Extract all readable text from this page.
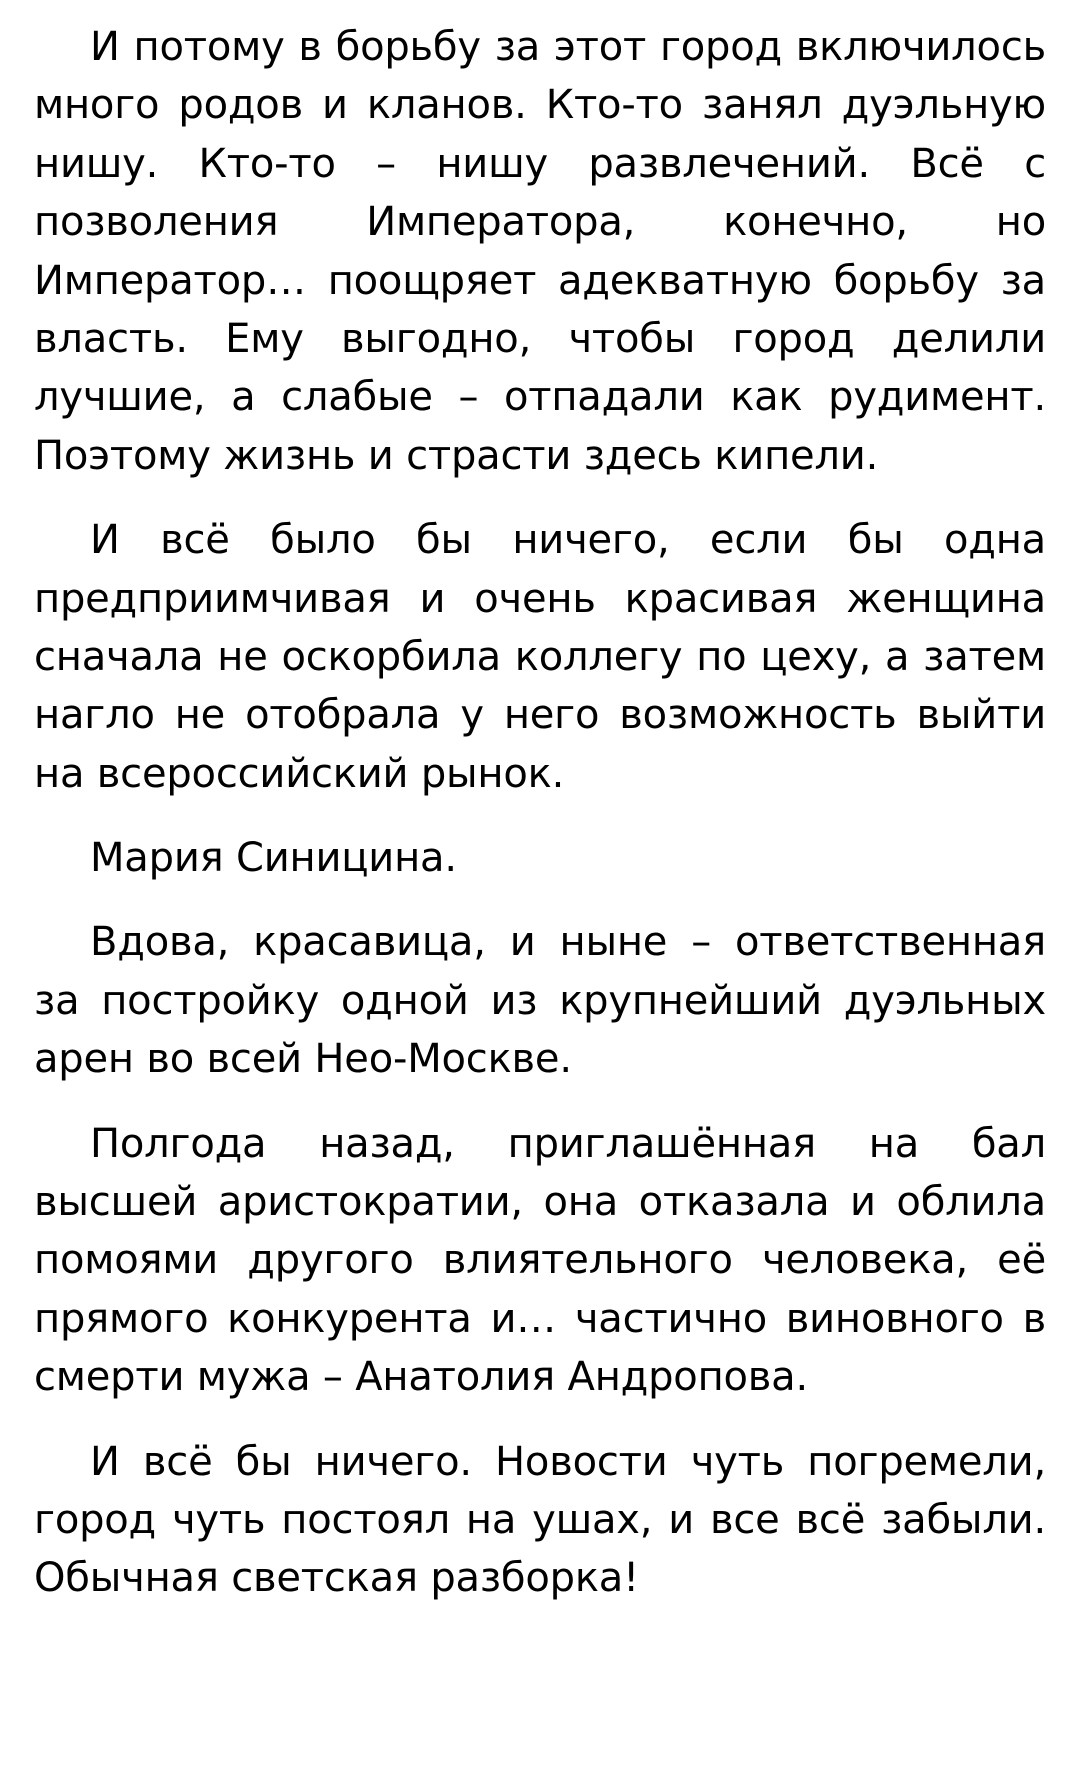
И потому в борьбу за этот город включилось много родов и кланов. Кто-то занял дуэльную нишу. Кто-то – нишу развлечений. Всё с позволения Императора, конечно, но Император… поощряет адекватную борьбу за власть. Ему выгодно, чтобы город делили лучшие, а слабые – отпадали как рудимент. Поэтому жизнь и страсти здесь кипели.

И всё было бы ничего, если бы одна предприимчивая и очень красивая женщина сначала не оскорбила коллегу по цеху, а затем нагло не отобрала у него возможность выйти на всероссийский рынок.

Мария Синицина.

Вдова, красавица, и ныне – ответственная за постройку одной из крупнейший дуэльных арен во всей Нео-Москве.

Полгода назад, приглашённая на бал высшей аристократии, она отказала и облила помоями другого влиятельного человека, её прямого конкурента и… частично виновного в смерти мужа – Анатолия Андропова.

И всё бы ничего. Новости чуть погремели, город чуть постоял на ушах, и все всё забыли. Обычная светская разборка!
